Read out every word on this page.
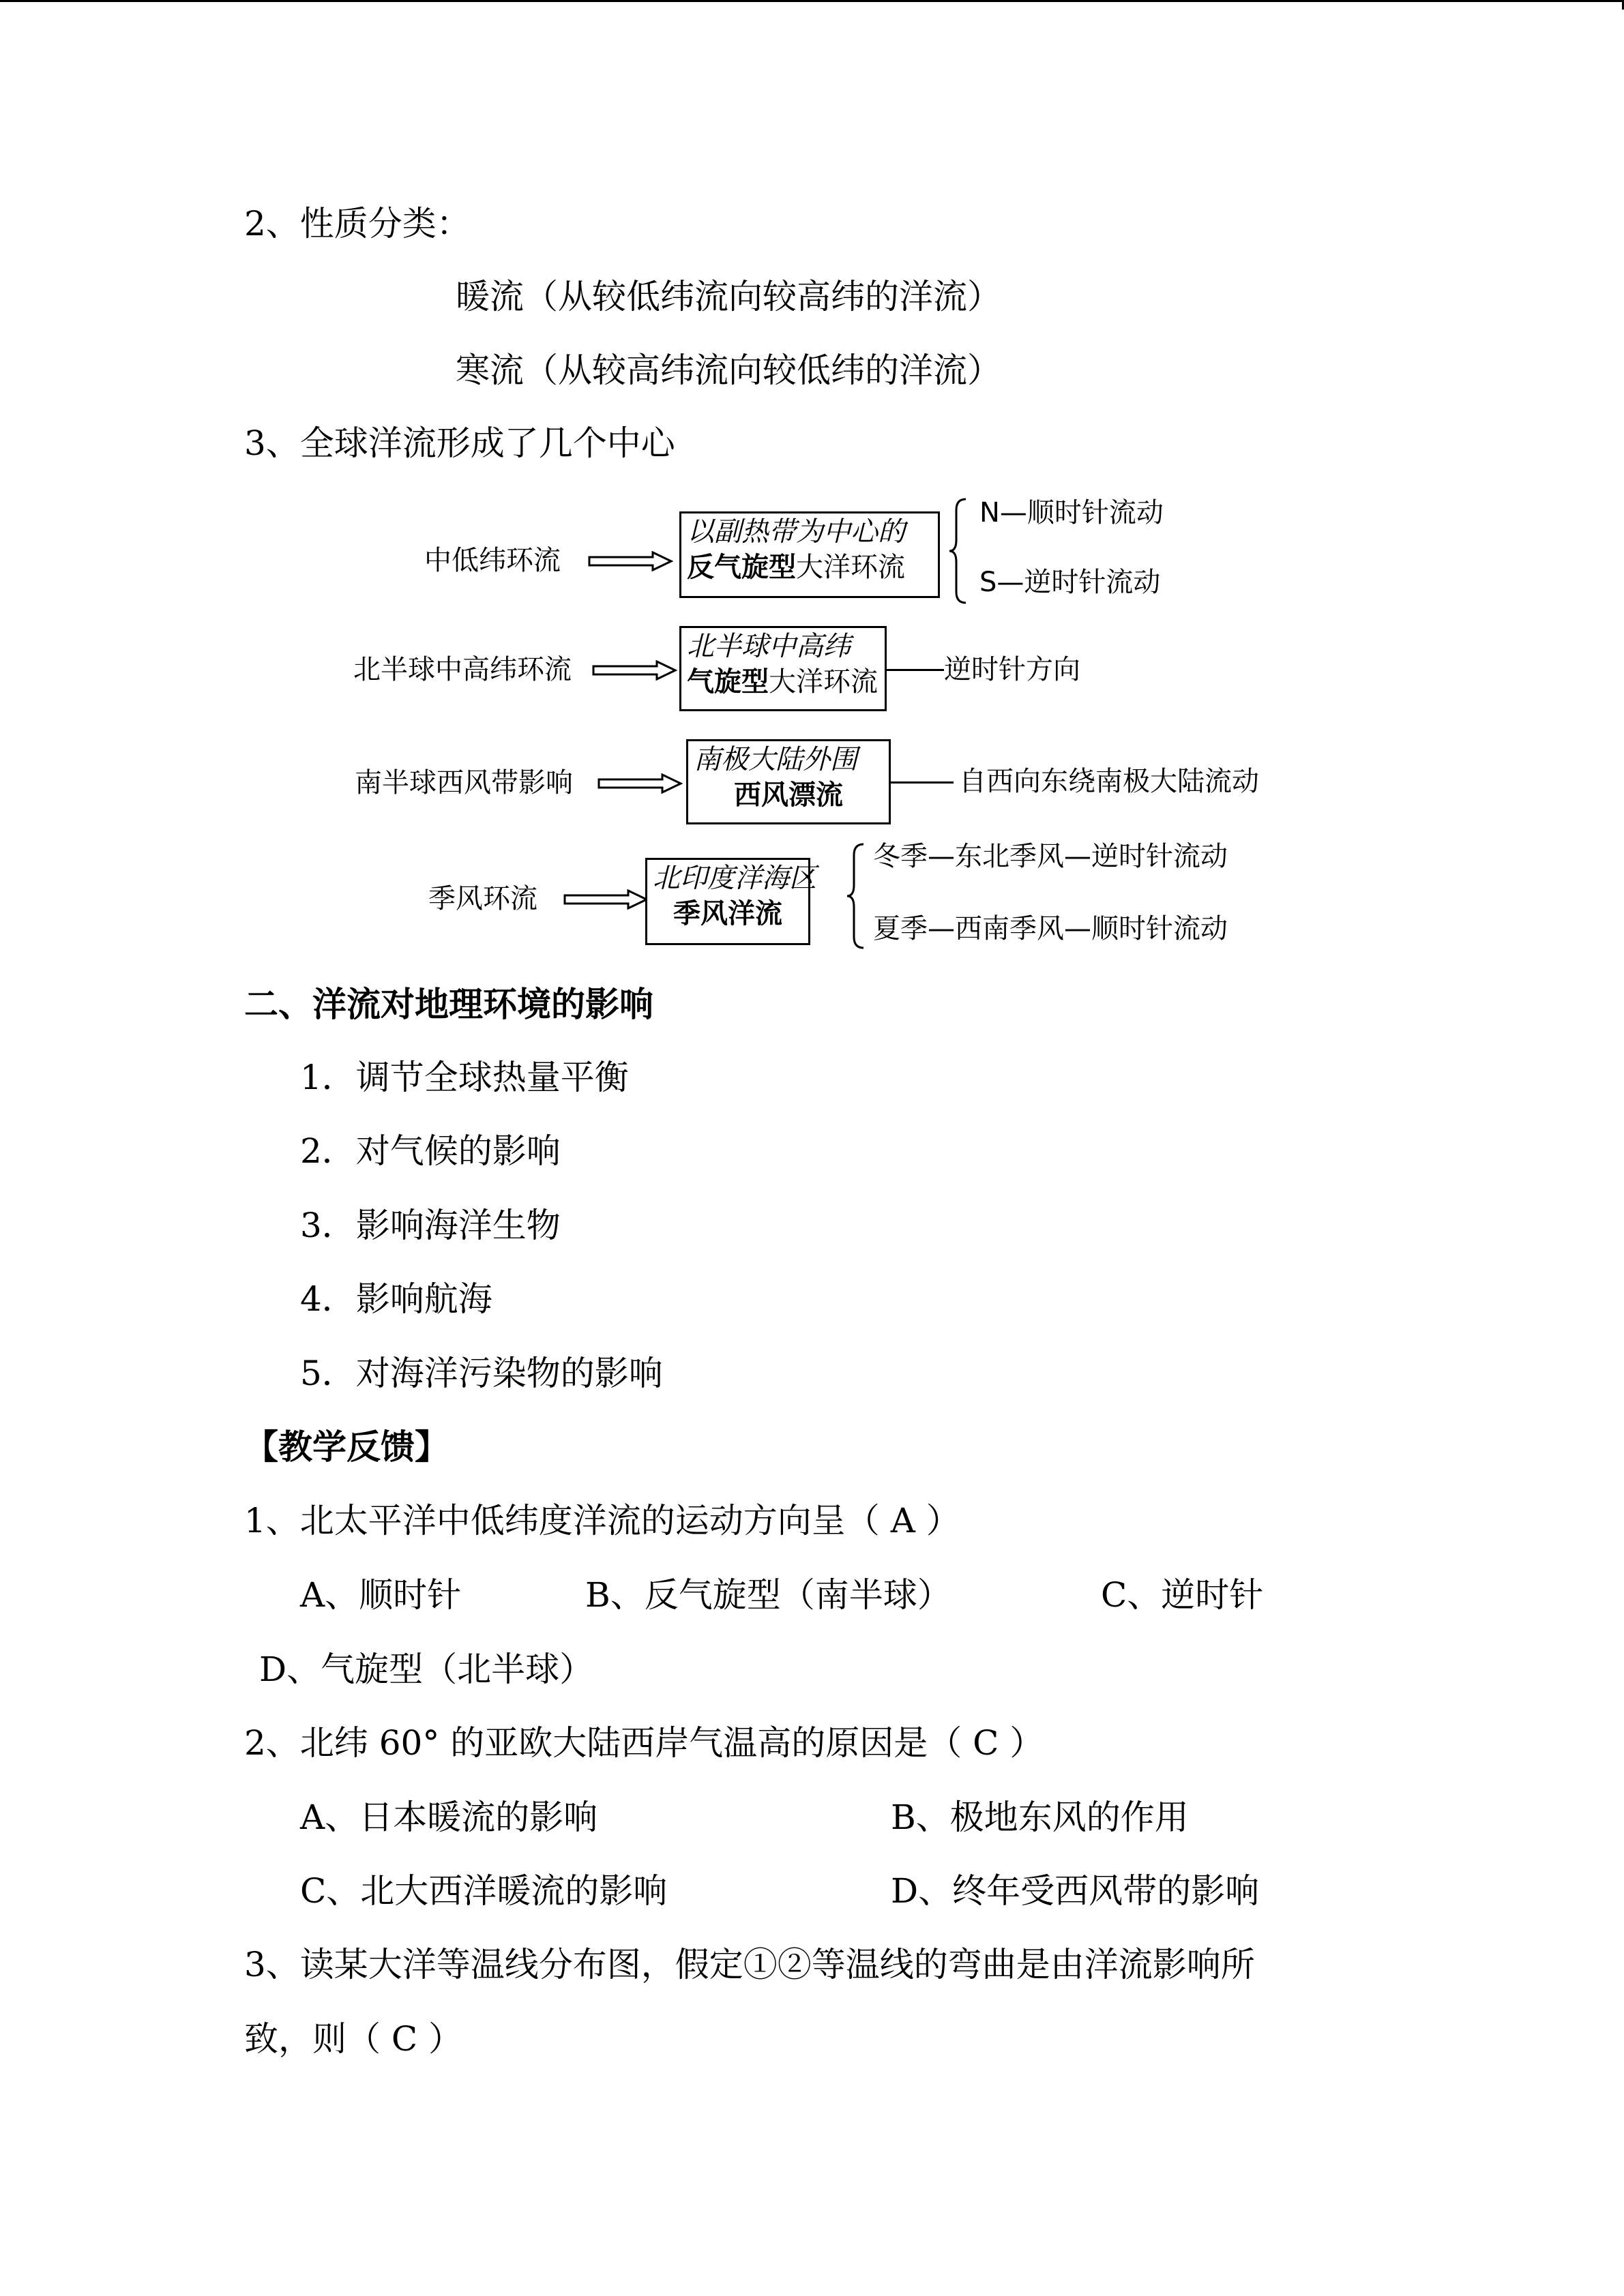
2、性质分类：
暖流（从较低纬流向较高纬的洋流）
寒流（从较高纬流向较低纬的洋流）
3、全球洋流形成了几个中心
中低纬环流
以副热带为中心的
反气旋型大洋环流
N—顺时针流动
S—逆时针流动
北半球中高纬环流
北半球中高纬
气旋型大洋环流 逆时针方向
南半球西风带影响
南极大陆外围
西风漂流	自西向东绕南极大陆流动
季风环流
北印度洋海区
季风洋流
冬季—东北季风—逆时针流动
夏季—西南季风—顺时针流动
二、洋流对地理环境的影响
1．调节全球热量平衡
2．对气候的影响
3．影响海洋生物
4．影响航海
5．对海洋污染物的影响
【教学反馈】
1、北太平洋中低纬度洋流的运动方向呈（ A ）
A、顺时针	B、反气旋型（南半球）	C、逆时针
D、气旋型（北半球）
2、北纬 60° 的亚欧大陆西岸气温高的原因是（ C ）
A、日本暖流的影响	B、极地东风的作用
C、北大西洋暖流的影响	D、终年受西风带的影响
3、读某大洋等温线分布图，假定①②等温线的弯曲是由洋流影响所
致，则（ C ）
